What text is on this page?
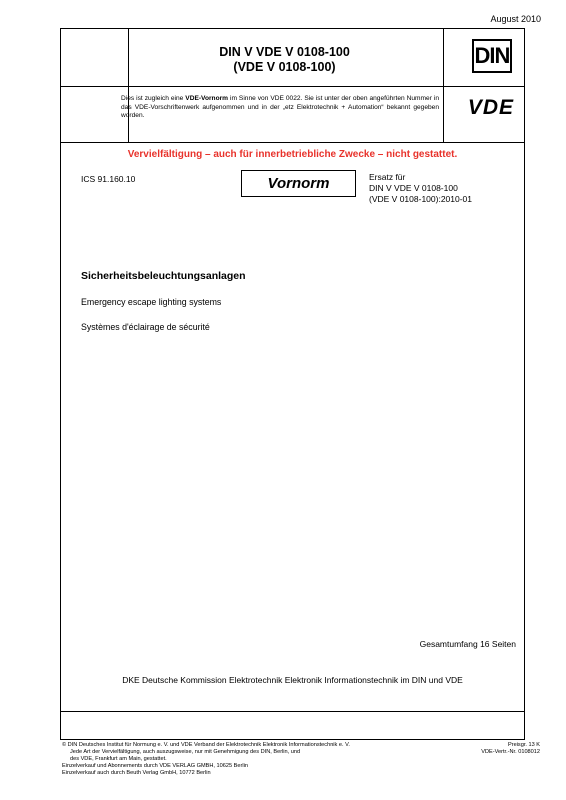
August 2010
DIN V VDE V 0108-100
(VDE V 0108-100)	DIN
Dies ist zugleich eine VDE-Vornorm im Sinne von VDE 0022. Sie ist unter der oben angeführten Nummer in das VDE-Vorschriftenwerk aufgenommen und in der „etz Elektrotechnik + Automation“ bekannt gegeben worden.	VDE
Vervielfältigung – auch für innerbetriebliche Zwecke – nicht gestattet.
ICS 91.160.10	Vornorm	Ersatz für
DIN V VDE V 0108-100
(VDE V 0108-100):2010-01
Sicherheitsbeleuchtungsanlagen
Emergency escape lighting systems
Systèmes d'éclairage de sécurité
Gesamtumfang 16 Seiten
DKE Deutsche Kommission Elektrotechnik Elektronik Informationstechnik im DIN und VDE
© DIN Deutsches Institut für Normung e. V. und VDE Verband der Elektrotechnik Elektronik Informationstechnik e. V.
Jede Art der Vervielfältigung, auch auszugsweise, nur mit Genehmigung des DIN, Berlin, und
des VDE, Frankfurt am Main, gestattet.
Einzelverkauf und Abonnements durch VDE VERLAG GMBH, 10625 Berlin
Einzelverkauf auch durch Beuth Verlag GmbH, 10772 Berlin
Preisgr. 13 K
VDE-Vertr.-Nr. 0108012
